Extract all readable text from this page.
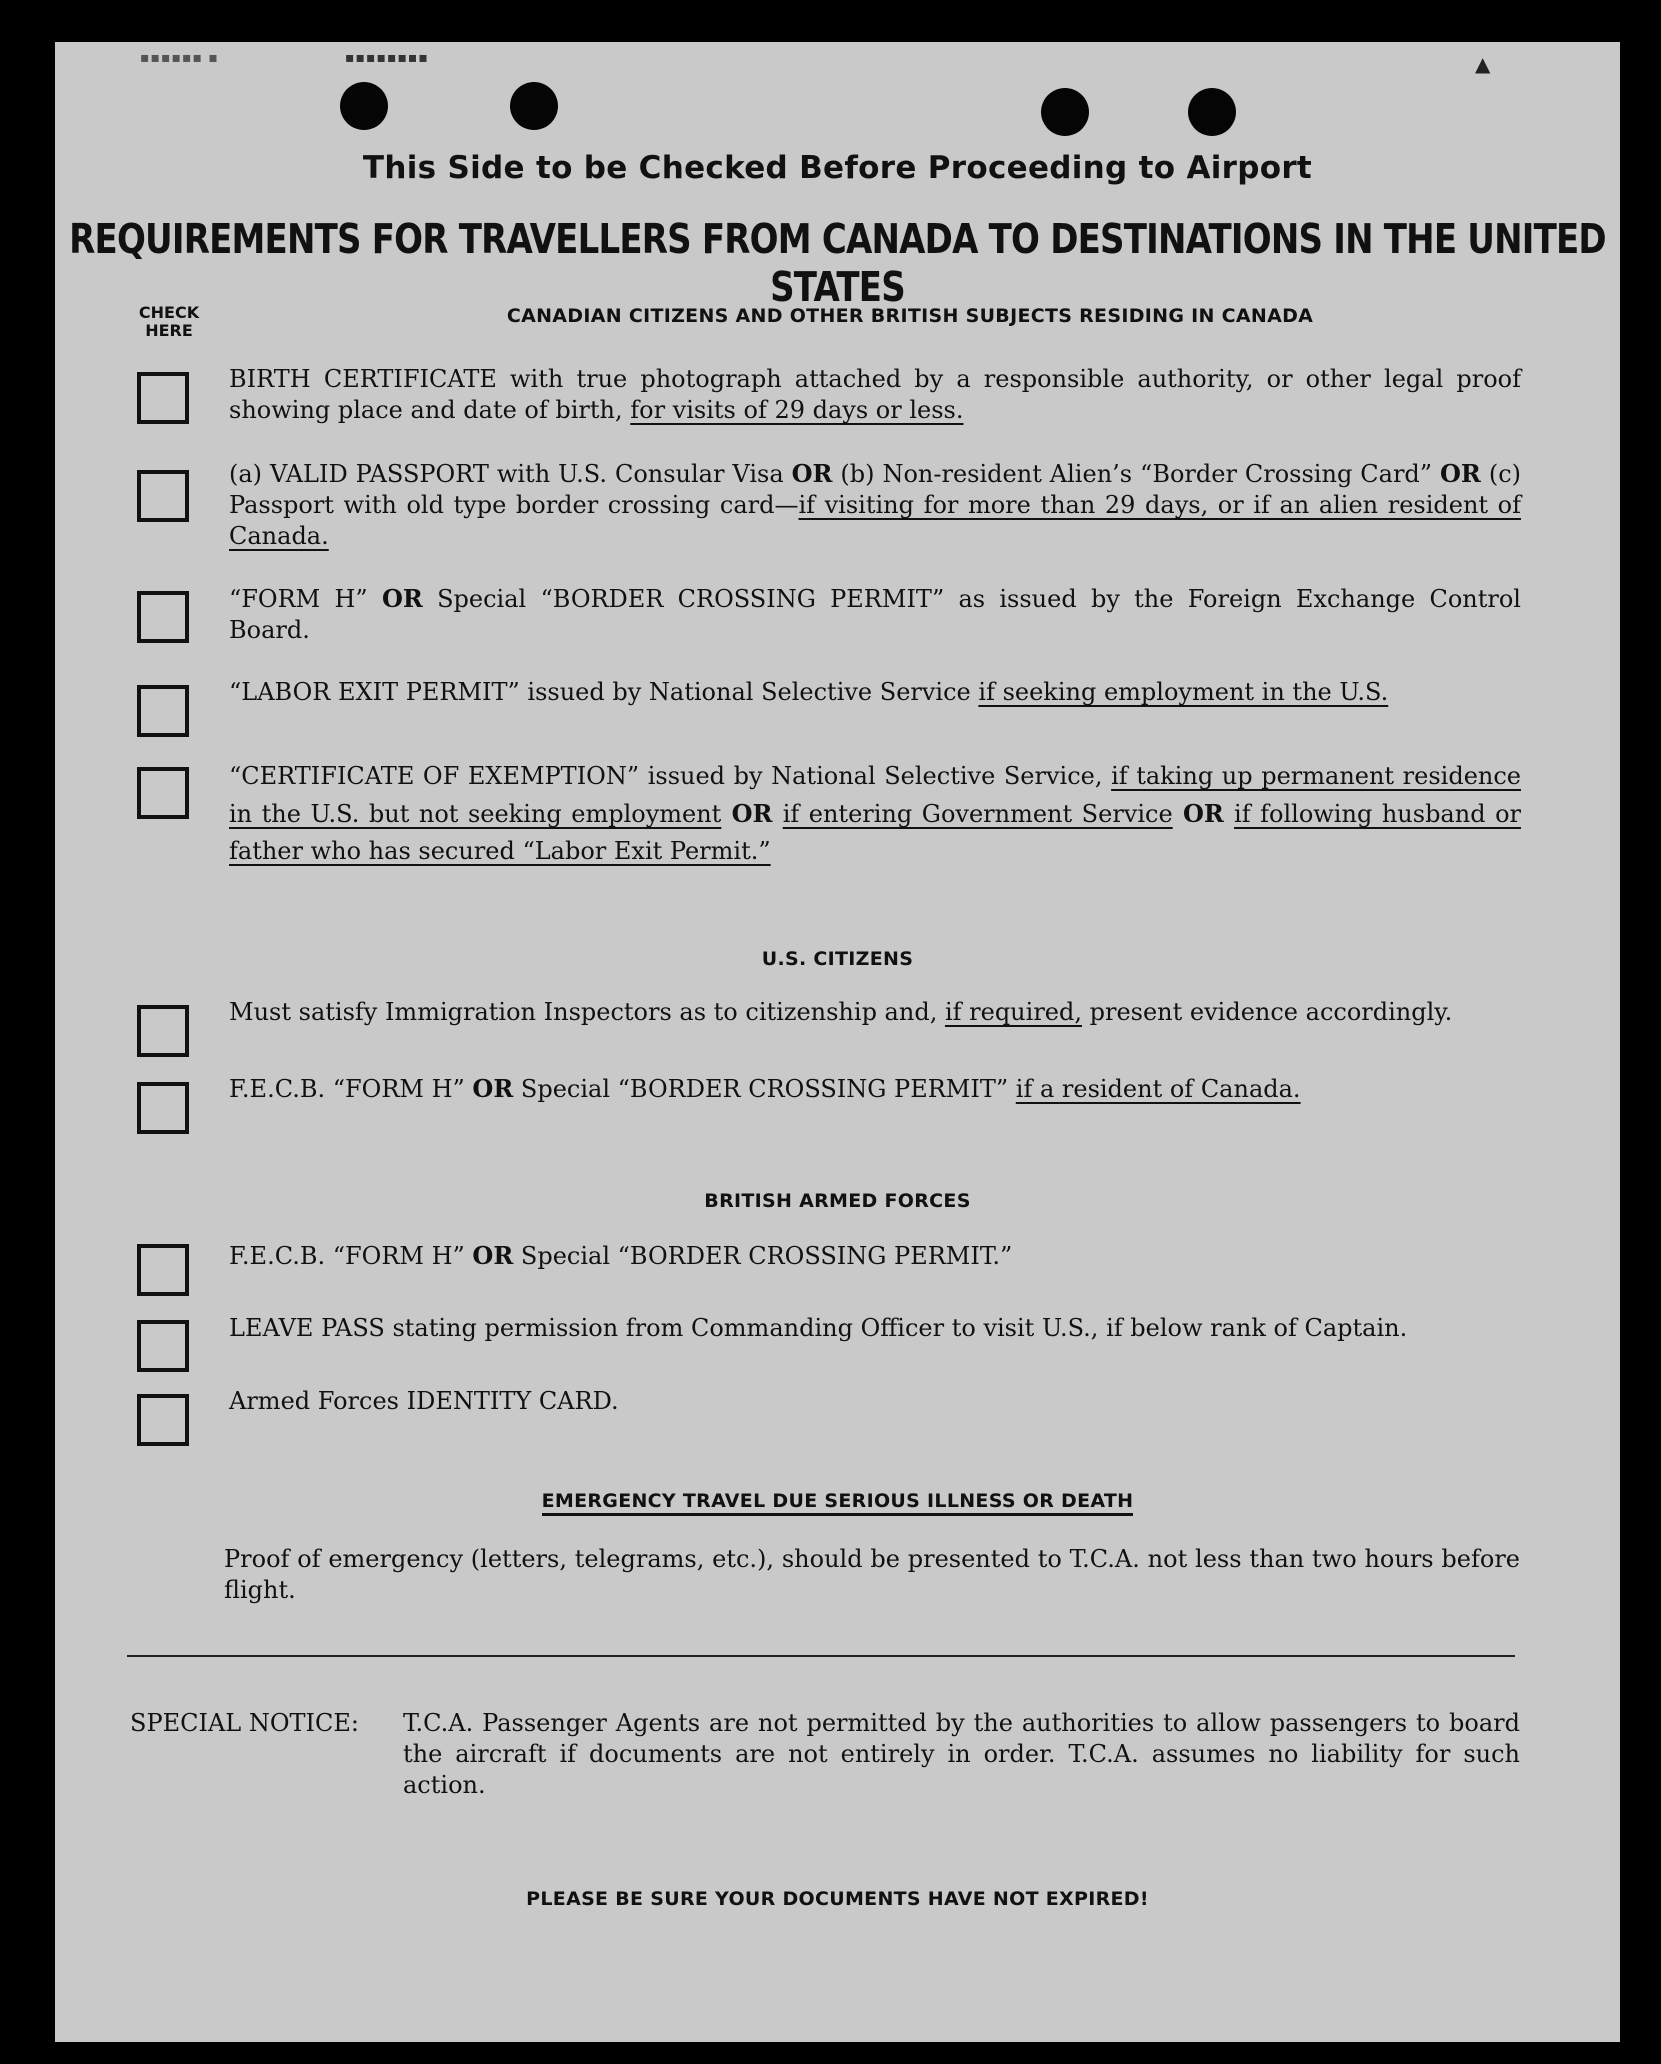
▪▪▪▪▪▪ ▪	▪▪▪▪▪▪▪▪	▲
This Side to be Checked Before Proceeding to Airport
REQUIREMENTS FOR TRAVELLERS FROM CANADA TO DESTINATIONS IN THE UNITED STATES
CHECK HERE
CANADIAN CITIZENS AND OTHER BRITISH SUBJECTS RESIDING IN CANADA
BIRTH CERTIFICATE with true photograph attached by a responsible authority, or other legal proof showing place and date of birth, for visits of 29 days or less.
(a) VALID PASSPORT with U.S. Consular Visa OR (b) Non-resident Alien’s “Border Crossing Card” OR (c) Passport with old type border crossing card—if visiting for more than 29 days, or if an alien resident of Canada.
“FORM H” OR Special “BORDER CROSSING PERMIT” as issued by the Foreign Exchange Control Board.
“LABOR EXIT PERMIT” issued by National Selective Service if seeking employment in the U.S.
“CERTIFICATE OF EXEMPTION” issued by National Selective Service, if taking up permanent residence in the U.S. but not seeking employment OR if entering Government Service OR if following husband or father who has secured “Labor Exit Permit.”
U.S. CITIZENS
Must satisfy Immigration Inspectors as to citizenship and, if required, present evidence accordingly.
F.E.C.B. “FORM H” OR Special “BORDER CROSSING PERMIT” if a resident of Canada.
BRITISH ARMED FORCES
F.E.C.B. “FORM H” OR Special “BORDER CROSSING PERMIT.”
LEAVE PASS stating permission from Commanding Officer to visit U.S., if below rank of Captain.
Armed Forces IDENTITY CARD.
EMERGENCY TRAVEL DUE SERIOUS ILLNESS OR DEATH
Proof of emergency (letters, telegrams, etc.), should be presented to T.C.A. not less than two hours before flight.
SPECIAL NOTICE: T.C.A. Passenger Agents are not permitted by the authorities to allow passengers to board the aircraft if documents are not entirely in order. T.C.A. assumes no liability for such action.
PLEASE BE SURE YOUR DOCUMENTS HAVE NOT EXPIRED!
